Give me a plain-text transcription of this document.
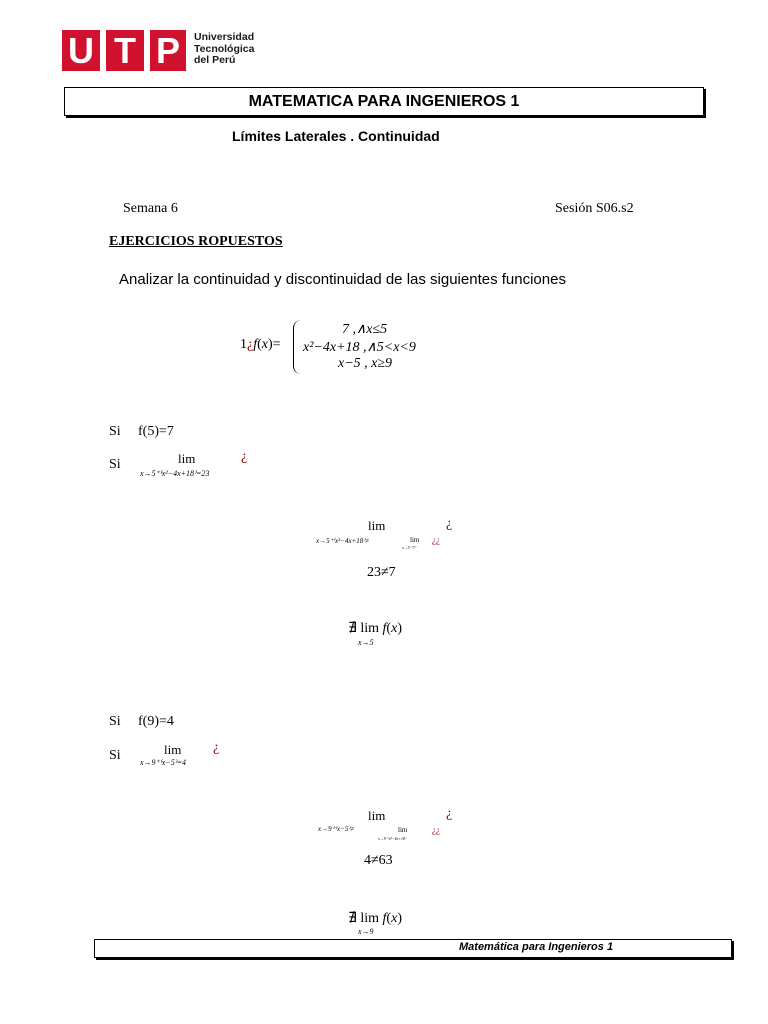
U T P	Universidad
Tecnológica
del Perú
MATEMATICA PARA INGENIEROS 1
Límites Laterales . Continuidad
Semana 6	Sesión S06.s2
EJERCICIOS ROPUESTOS
Analizar la continuidad y discontinuidad de las siguientes funciones
1¿f(x)=
7 ,∧x≤5
x²−4x+18 ,∧5<x<9
x−5 , x≥9
Si f(5)=7
Si	lim
x→5⁺⁽x²−4x+18⁾=23
¿
lim
x→5⁺⁽x²−4x+18⁾≠	lim
x→5⁻⁽7⁾
¿¿
¿
23≠7
∄ lim f(x)
x→5
Si f(9)=4
Si	lim
x→9⁺⁽x−5⁾=4
¿
lim
x→9⁺⁽x−5⁾≠	lim
x→9⁻⁽x²−4x+18⁾
¿¿
¿
4≠63
∄ lim f(x)
x→9
Matemática para Ingenieros 1
